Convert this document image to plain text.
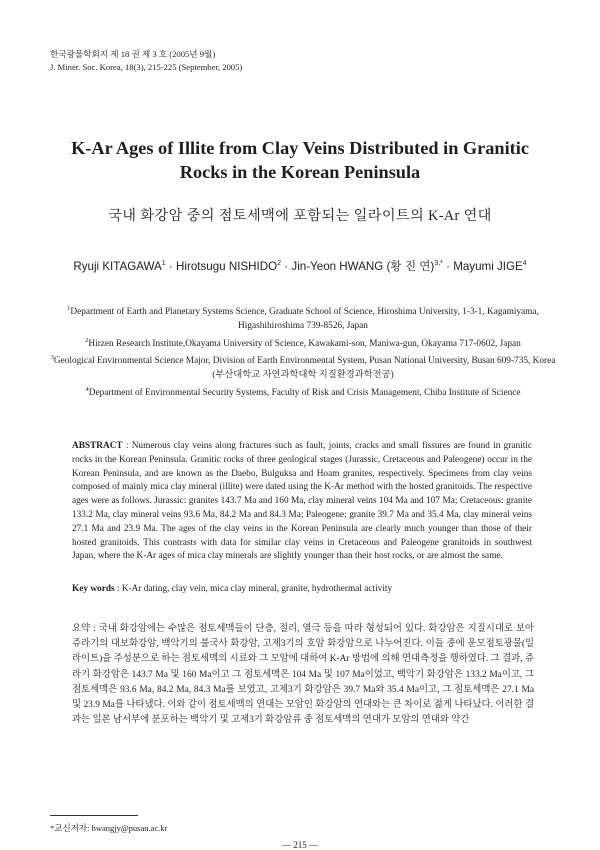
한국광물학회지 제 18 권 제 3 호 (2005년 9월)
J. Miner. Soc. Korea, 18(3), 215-225 (September, 2005)
K-Ar Ages of Illite from Clay Veins Distributed in Granitic
Rocks in the Korean Peninsula
국내 화강암 중의 점토세맥에 포함되는 일라이트의 K-Ar 연대
Ryuji $KITAGAWA^1$ · Hirotsugu $NISHIDO^2$ · Jin-Yeon HWANG (황 진 연)$^{3,*}$ · Mayumi JIGE$^4$

$^1$Department of Earth and Planetary Systems Science, Graduate School of Science, Hiroshima University, 1-3-1, Kagamiyama, Higashihiroshima 739-8526, Japan

$^2$Hirzen Research Institute,Okayama University of Science, Kawakami-son, Maniwa-gun, Okayama 717-0602, Japan

$^3$Geological Environmental Science Major, Division of Earth Environmental System, Pusan National University, Busan 609-735, Korea

(부산대학교 자연과학대학 지질환경과학전공)

$^4$Department of Environmental Security Systems, Faculty of Risk and Crisis Management, Chiba Institute of Science

ABSTRACT : Numerous clay veins along fractures such as fault, joints, cracks and small fissures are found in granitic rocks in the Korean Peninsula. Granitic rocks of three geological stages (Jurassic, Cretaceous and Paleogene) occur in the Korean Peninsula, and are known as the Daebo, Bulguksa and Hoam granites, respectively. Specimens from clay veins composed of mainly mica clay mineral (illite) were dated using the K-Ar method with the hosted granitoids. The respective ages were as follows. Jurassic: granites 143.7 Ma and 160 Ma, clay mineral veins 104 Ma and 107 Ma; Cretaceous: granite 133.2 Ma, clay mineral veins 93.6 Ma, 84.2 Ma and 84.3 Ma; Paleogene: granite 39.7 Ma and 35.4 Ma, clay mineral veins 27.1 Ma and 23.9 Ma. The ages of the clay veins in the Korean Peninsula are clearly much younger than those of their hosted granitoids. This contrasts with data for similar clay veins in Cretaceous and Paleogene granitoids in southwest Japan, where the K-Ar ages of mica clay minerals are slightly younger than their host rocks, or are almost the same.

Key words : K-Ar dating, clay vein, mica clay mineral, granite, hydrothermal activity

요약 : 국내 화강암에는 수많은 점토세맥들이 단층, 절리, 열극 등을 따라 형성되어 있다. 화강암은 지질시대로 보아 쥬라기의 대보화강암, 백악기의 불국사 화강암, 고제3기의 호암 화강암으로 나누어진다. 이들 중에 운모점토광물(일라이트)을 주성분으로 하는 점토세맥의 시료와 그 모암에 대하여 K-Ar 방법에 의해 연대측정을 행하였다. 그 결과, 쥬라기 화강암은 143.7 Ma 및 160 Ma이고 그 점토세맥은 104 Ma 및 107 Ma이었고, 백악기 화강암은 133.2 Ma이고, 그 점토세맥은 93.6 Ma, 84.2 Ma, 84.3 Ma를 보였고, 고제3기 화강암은 39.7 Ma와 35.4 Ma이고, 그 점토세맥은 27.1 Ma 및 23.9 Ma를 나타냈다. 이와 같이 점토세맥의 연대는 모암인 화강암의 연대와는 큰 차이로 젊게 나타났다. 이러한 결과는 일본 남서부에 분포하는 백악기 및 고제3기 화강암류 중 점토세맥의 연대가 모암의 연대와 약간

*교신저자: hwangjy@pusan.ac.kr
— 215 —
